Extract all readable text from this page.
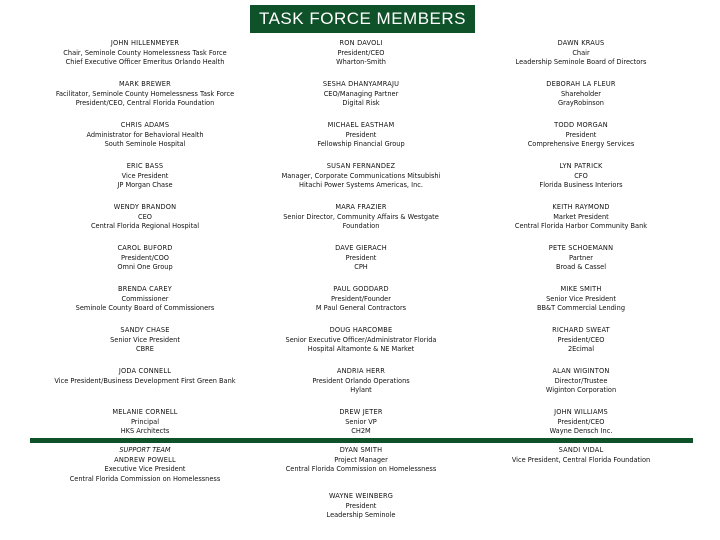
TASK FORCE MEMBERS
JOHN HILLENMEYER
Chair, Seminole County Homelessness Task Force
Chief Executive Officer Emeritus Orlando Health
RON DAVOLI
President/CEO
Wharton-Smith
DAWN KRAUS
Chair
Leadership Seminole Board of Directors
MARK BREWER
Facilitator, Seminole County Homelessness Task Force
President/CEO, Central Florida Foundation
SESHA DHANYAMRAJU
CEO/Managing Partner
Digital Risk
DEBORAH LA FLEUR
Shareholder
GrayRobinson
CHRIS ADAMS
Administrator for Behavioral Health
South Seminole Hospital
MICHAEL EASTHAM
President
Fellowship Financial Group
TODD MORGAN
President
Comprehensive Energy Services
ERIC BASS
Vice President
JP Morgan Chase
SUSAN FERNANDEZ
Manager, Corporate Communications Mitsubishi
Hitachi Power Systems Americas, Inc.
LYN PATRICK
CFO
Florida Business Interiors
WENDY BRANDON
CEO
Central Florida Regional Hospital
MARA FRAZIER
Senior Director, Community Affairs & Westgate
Foundation
KEITH RAYMOND
Market President
Central Florida Harbor Community Bank
CAROL BUFORD
President/COO
Omni One Group
DAVE GIERACH
President
CPH
PETE SCHOEMANN
Partner
Broad & Cassel
BRENDA CAREY
Commissioner
Seminole County Board of Commissioners
PAUL GODDARD
President/Founder
M Paul General Contractors
MIKE SMITH
Senior Vice President
BB&T Commercial Lending
SANDY CHASE
Senior Vice President
CBRE
DOUG HARCOMBE
Senior Executive Officer/Administrator Florida
Hospital Altamonte & NE Market
RICHARD SWEAT
President/CEO
2Ecimal
JODA CONNELL
Vice President/Business Development First Green Bank
ANDRIA HERR
President Orlando Operations
Hylant
ALAN WIGINTON
Director/Trustee
Wiginton Corporation
MELANIE CORNELL
Principal
HKS Architects
DREW JETER
Senior VP
CH2M
JOHN WILLIAMS
President/CEO
Wayne Densch Inc.
SUPPORT TEAM
ANDREW POWELL
Executive Vice President
Central Florida Commission on Homelessness
DYAN SMITH
Project Manager
Central Florida Commission on Homelessness
SANDI VIDAL
Vice President, Central Florida Foundation
WAYNE WEINBERG
President
Leadership Seminole
